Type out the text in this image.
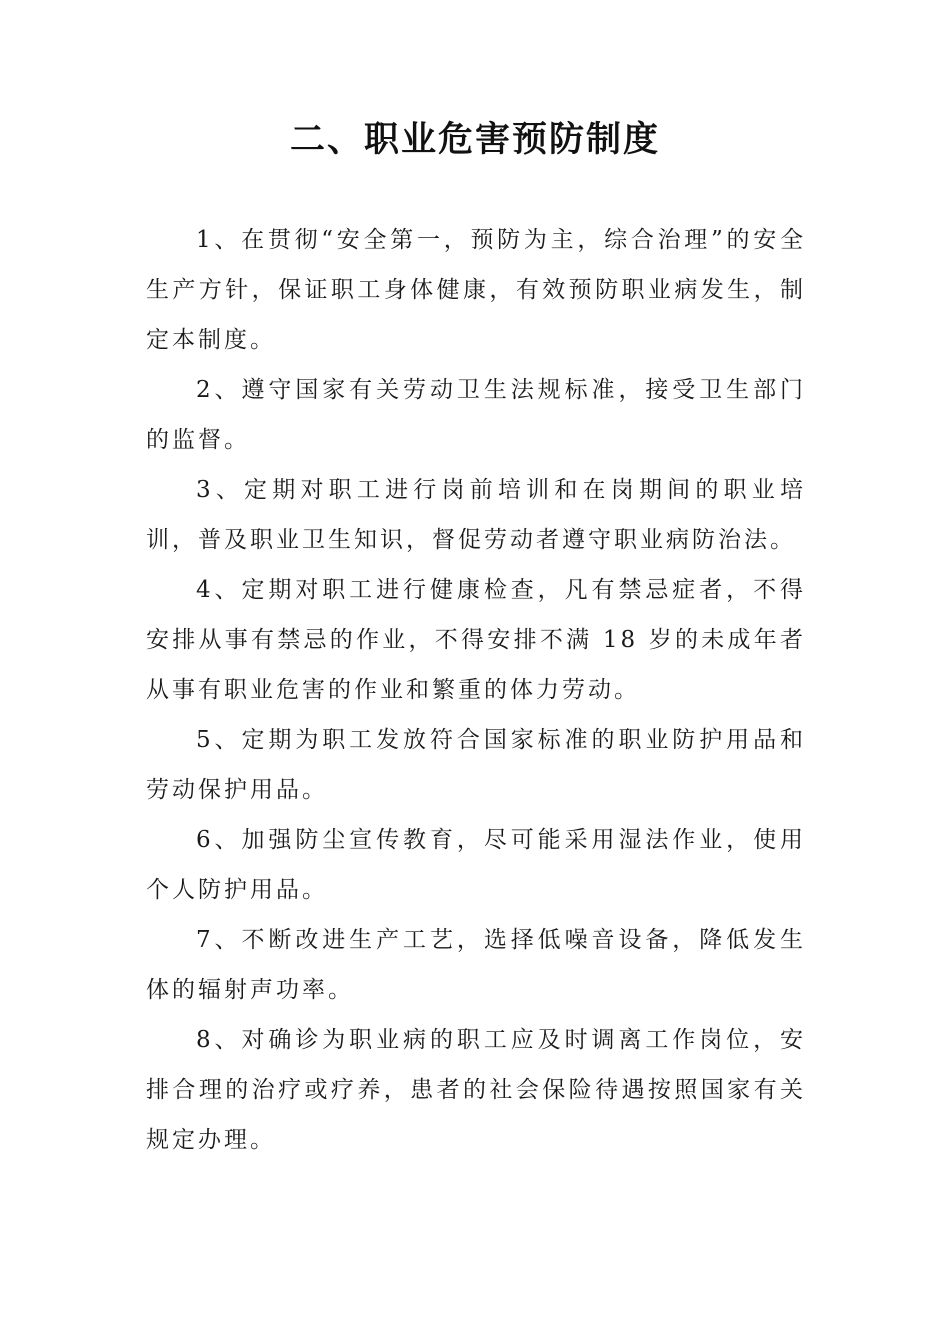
二、职业危害预防制度

1、在贯彻“安全第一，预防为主，综合治理”的安全生产方针，保证职工身体健康，有效预防职业病发生，制定本制度。

2、遵守国家有关劳动卫生法规标准，接受卫生部门的监督。

3、定期对职工进行岗前培训和在岗期间的职业培训，普及职业卫生知识，督促劳动者遵守职业病防治法。

4、定期对职工进行健康检查，凡有禁忌症者，不得安排从事有禁忌的作业，不得安排不满 18 岁的未成年者从事有职业危害的作业和繁重的体力劳动。

5、定期为职工发放符合国家标准的职业防护用品和劳动保护用品。

6、加强防尘宣传教育，尽可能采用湿法作业，使用个人防护用品。

7、不断改进生产工艺，选择低噪音设备，降低发生体的辐射声功率。

8、对确诊为职业病的职工应及时调离工作岗位，安排合理的治疗或疗养，患者的社会保险待遇按照国家有关规定办理。
